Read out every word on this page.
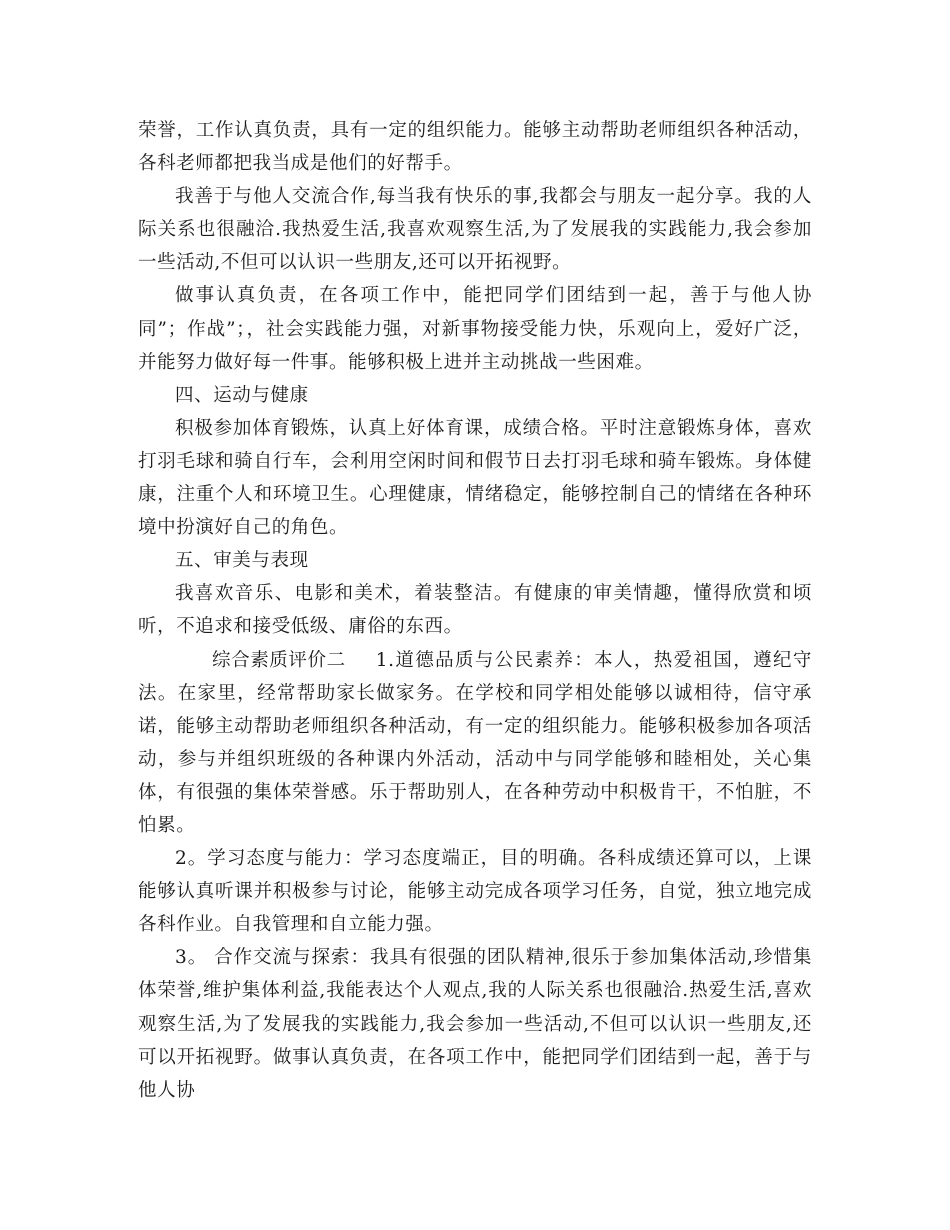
荣誉，工作认真负责，具有一定的组织能力。能够主动帮助老师组织各种活动，各科老师都把我当成是他们的好帮手。

我善于与他人交流合作,每当我有快乐的事,我都会与朋友一起分享。我的人际关系也很融洽.我热爱生活,我喜欢观察生活,为了发展我的实践能力,我会参加一些活动,不但可以认识一些朋友,还可以开拓视野。

做事认真负责，在各项工作中，能把同学们团结到一起，善于与他人协同”；作战”；，社会实践能力强，对新事物接受能力快，乐观向上，爱好广泛，并能努力做好每一件事。能够积极上进并主动挑战一些困难。

四、运动与健康

积极参加体育锻炼，认真上好体育课，成绩合格。平时注意锻炼身体，喜欢打羽毛球和骑自行车，会利用空闲时间和假节日去打羽毛球和骑车锻炼。身体健康，注重个人和环境卫生。心理健康，情绪稳定，能够控制自己的情绪在各种环境中扮演好自己的角色。

五、审美与表现

我喜欢音乐、电影和美术，着装整洁。有健康的审美情趣，懂得欣赏和顷听，不追求和接受低级、庸俗的东西。

综合素质评价二 1.道德品质与公民素养：本人，热爱祖国，遵纪守法。在家里，经常帮助家长做家务。在学校和同学相处能够以诚相待，信守承诺，能够主动帮助老师组织各种活动，有一定的组织能力。能够积极参加各项活动，参与并组织班级的各种课内外活动，活动中与同学能够和睦相处，关心集体，有很强的集体荣誉感。乐于帮助别人，在各种劳动中积极肯干，不怕脏，不怕累。

2。学习态度与能力：学习态度端正，目的明确。各科成绩还算可以，上课能够认真听课并积极参与讨论，能够主动完成各项学习任务，自觉，独立地完成各科作业。自我管理和自立能力强。

3。 合作交流与探索：我具有很强的团队精神,很乐于参加集体活动,珍惜集体荣誉,维护集体利益,我能表达个人观点,我的人际关系也很融洽.热爱生活,喜欢观察生活,为了发展我的实践能力,我会参加一些活动,不但可以认识一些朋友,还可以开拓视野。做事认真负责，在各项工作中，能把同学们团结到一起，善于与他人协
